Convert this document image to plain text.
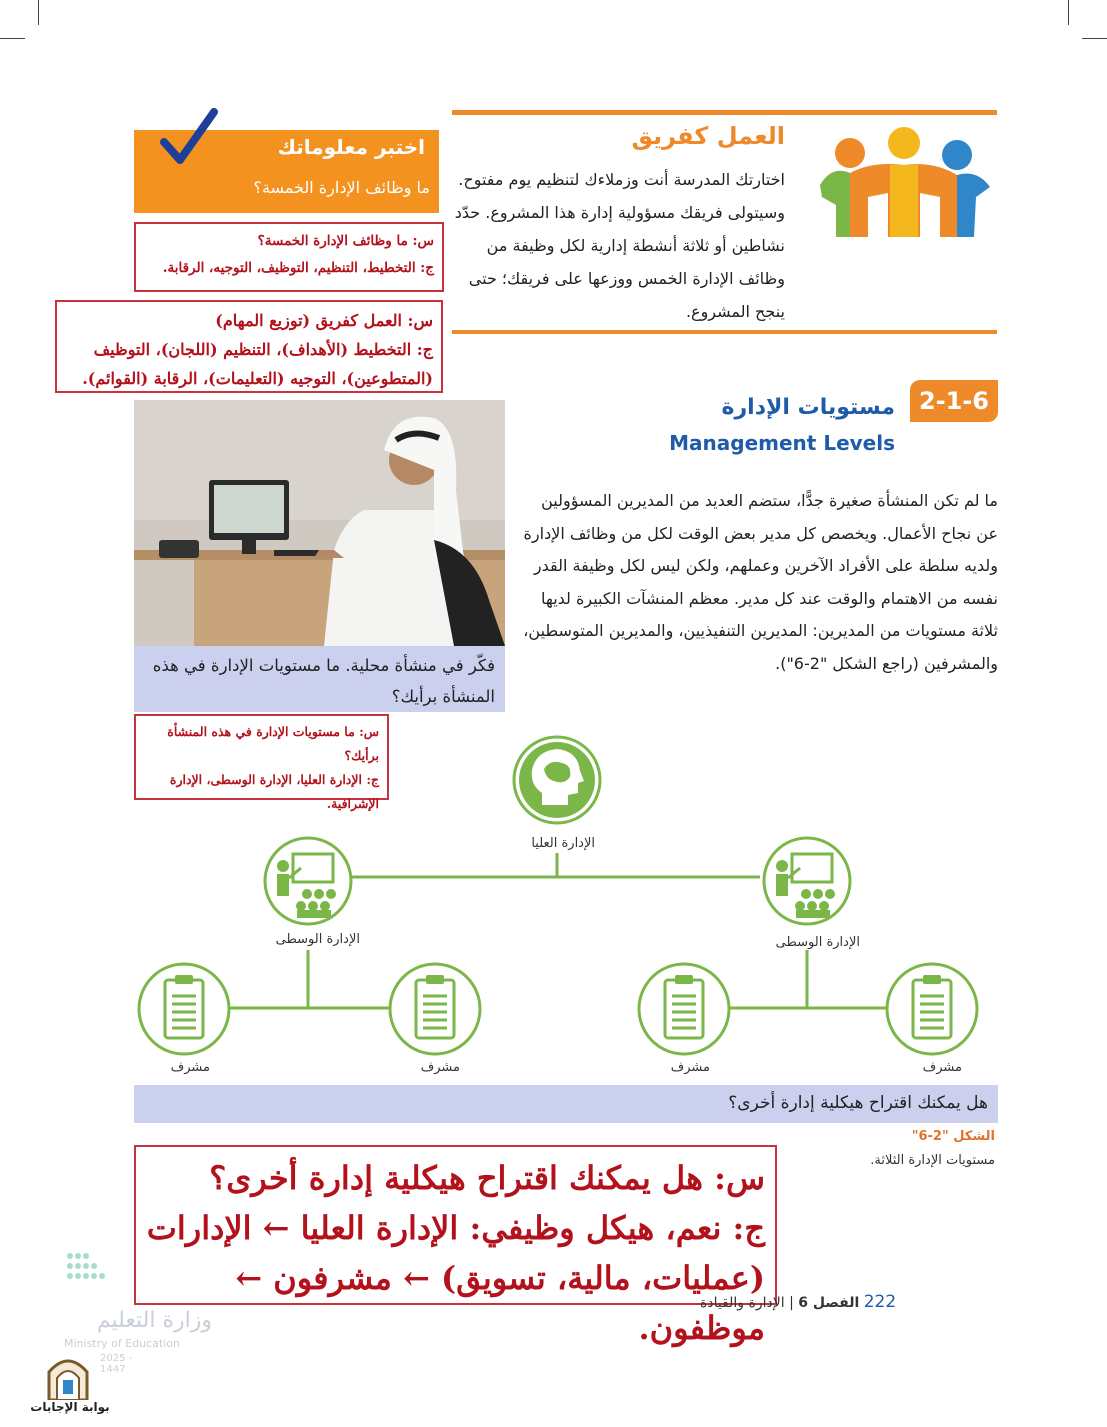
العمل كفريق
اختارتك المدرسة أنت وزملاءك لتنظيم يوم مفتوح. وسيتولى فريقك مسؤولية إدارة هذا المشروع. حدّد نشاطين أو ثلاثة أنشطة إدارية لكل وظيفة من وظائف الإدارة الخمس ووزعها على فريقك؛ حتى ينجح المشروع.
اختبر معلوماتك
ما وظائف الإدارة الخمسة؟
س: ما وظائف الإدارة الخمسة؟
ج: التخطيط، التنظيم، التوظيف، التوجيه، الرقابة.
س: العمل كفريق (توزيع المهام)
ج: التخطيط (الأهداف)، التنظيم (اللجان)، التوظيف (المتطوعين)، التوجيه (التعليمات)، الرقابة (القوائم).
2-1-6
مستويات الإدارة
Management Levels
ما لم تكن المنشأة صغيرة جدًّا، ستضم العديد من المديرين المسؤولين عن نجاح الأعمال. ويخصص كل مدير بعض الوقت لكل من وظائف الإدارة ولديه سلطة على الأفراد الآخرين وعملهم، ولكن ليس لكل وظيفة القدر نفسه من الاهتمام والوقت عند كل مدير. معظم المنشآت الكبيرة لديها ثلاثة مستويات من المديرين: المديرين التنفيذيين، والمديرين المتوسطين، والمشرفين (راجع الشكل "2-6").
فكّر في منشأة محلية. ما مستويات الإدارة في هذه المنشأة برأيك؟
س: ما مستويات الإدارة في هذه المنشأة برأيك؟
ج: الإدارة العليا، الإدارة الوسطى، الإدارة الإشرافية.
الإدارة العليا
الإدارة الوسطى	الإدارة الوسطى
مشرف	مشرف	مشرف	مشرف
هل يمكنك اقتراح هيكلية إدارة أخرى؟
الشكل "2-6"
مستويات الإدارة الثلاثة.
س: هل يمكنك اقتراح هيكلية إدارة أخرى؟
ج: نعم، هيكل وظيفي: الإدارة العليا ← الإدارات (عمليات، مالية، تسويق) ← مشرفون ← موظفون.
222 الفصل 6 | الإدارة والقيادة
وزارة التعليم
Ministry of Education
2025 - 1447
بوابة الإجابات
